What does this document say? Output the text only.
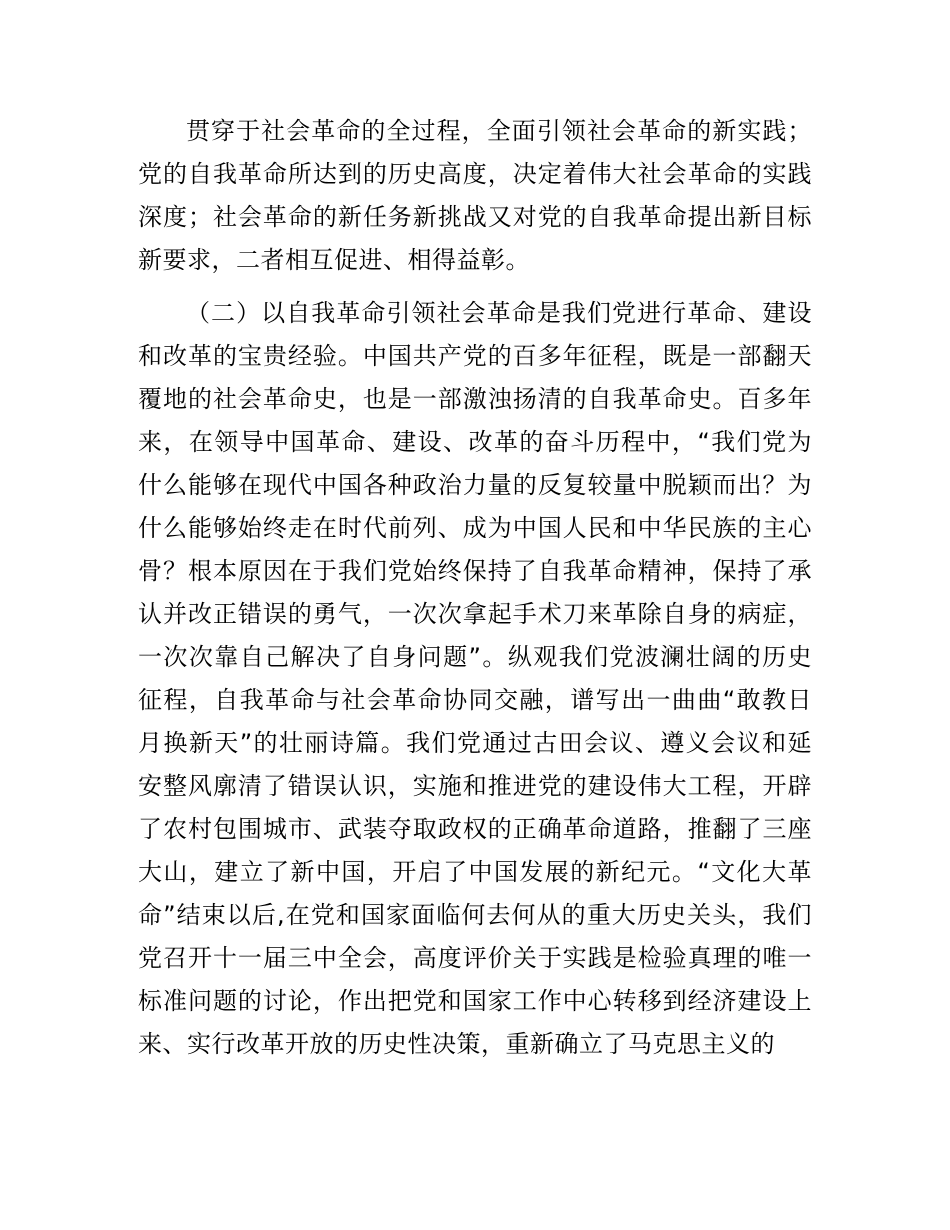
贯穿于社会革命的全过程，全面引领社会革命的新实践；
党的自我革命所达到的历史高度，决定着伟大社会革命的实践
深度；社会革命的新任务新挑战又对党的自我革命提出新目标
新要求，二者相互促进、相得益彰。

（二）以自我革命引领社会革命是我们党进行革命、建设
和改革的宝贵经验。中国共产党的百多年征程，既是一部翻天
覆地的社会革命史，也是一部激浊扬清的自我革命史。百多年
来，在领导中国革命、建设、改革的奋斗历程中，“我们党为
什么能够在现代中国各种政治力量的反复较量中脱颖而出？为
什么能够始终走在时代前列、成为中国人民和中华民族的主心
骨？根本原因在于我们党始终保持了自我革命精神，保持了承
认并改正错误的勇气，一次次拿起手术刀来革除自身的病症，
一次次靠自己解决了自身问题”。纵观我们党波澜壮阔的历史
征程，自我革命与社会革命协同交融，谱写出一曲曲“敢教日
月换新天”的壮丽诗篇。我们党通过古田会议、遵义会议和延
安整风廓清了错误认识，实施和推进党的建设伟大工程，开辟
了农村包围城市、武装夺取政权的正确革命道路，推翻了三座
大山，建立了新中国，开启了中国发展的新纪元。“文化大革
命”结束以后,在党和国家面临何去何从的重大历史关头，我们
党召开十一届三中全会，高度评价关于实践是检验真理的唯一
标准问题的讨论，作出把党和国家工作中心转移到经济建设上
来、实行改革开放的历史性决策，重新确立了马克思主义的
